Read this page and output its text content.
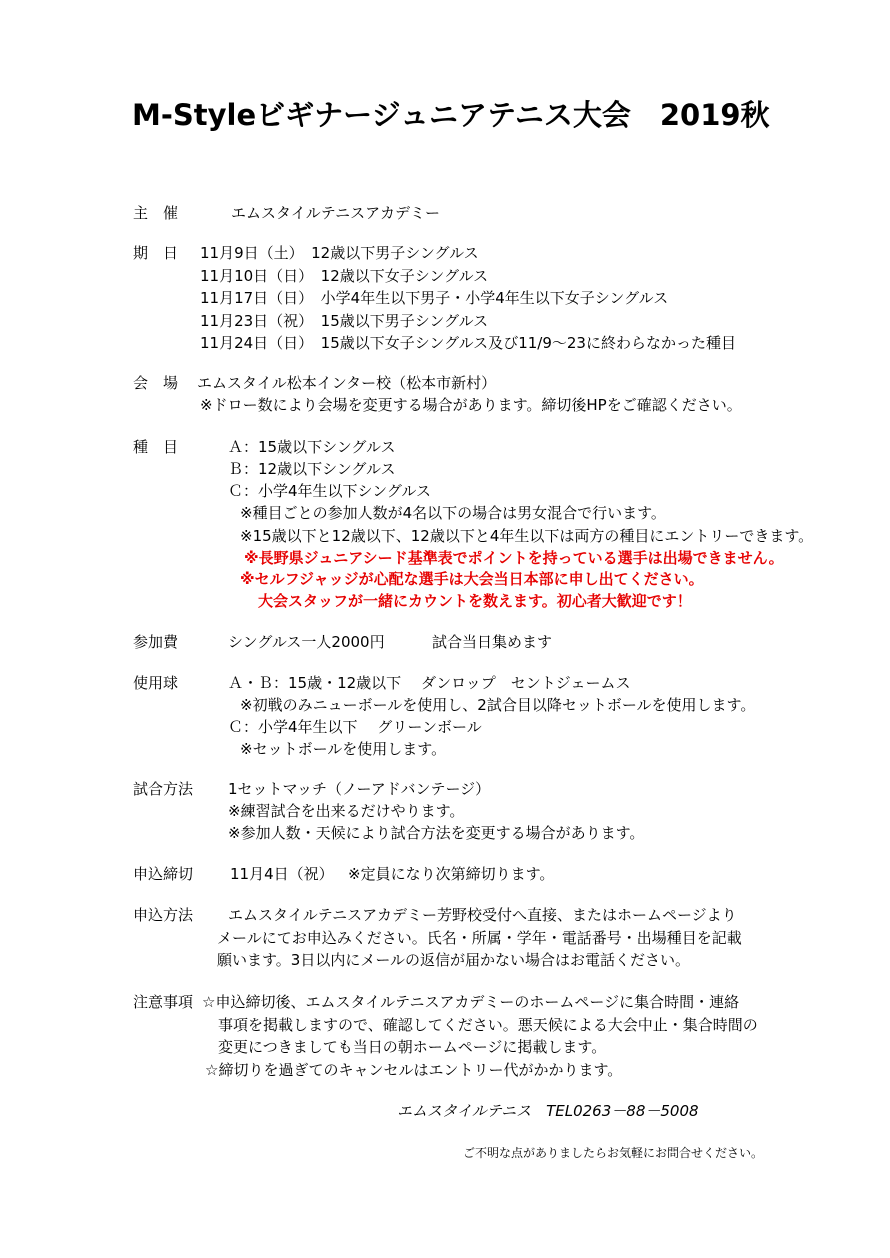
M-Styleビギナージュニアテニス大会　2019秋
主　催	エムスタイルテニスアカデミー
期　日 11月9日（土）　12歳以下男子シングルス
11月10日（日）　12歳以下女子シングルス
11月17日（日）　小学4年生以下男子・小学4年生以下女子シングルス
11月23日（祝）　15歳以下男子シングルス
11月24日（日）　15歳以下女子シングルス及び11/9～23に終わらなかった種目
会　場 エムスタイル松本インター校（松本市新村）
※ドロー数により会場を変更する場合があります。締切後HPをご確認ください。
種　目	Ａ：15歳以下シングルス
Ｂ：12歳以下シングルス
Ｃ：小学4年生以下シングルス
※種目ごとの参加人数が4名以下の場合は男女混合で行います。
※15歳以下と12歳以下、12歳以下と4年生以下は両方の種目にエントリーできます。
※長野県ジュニアシード基準表でポイントを持っている選手は出場できません。
※セルフジャッジが心配な選手は大会当日本部に申し出てください。
大会スタッフが一緒にカウントを数えます。初心者大歓迎です！
参加費	シングルス一人2000円	試合当日集めます
使用球	Ａ・Ｂ：15歳・12歳以下　 ダンロップ　セントジェームス
※初戦のみニューボールを使用し、2試合目以降セットボールを使用します。
Ｃ：小学4年生以下　 グリーンボール
※セットボールを使用します。
試合方法 1セットマッチ（ノーアドバンテージ）
※練習試合を出来るだけやります。
※参加人数・天候により試合方法を変更する場合があります。
申込締切 11月4日（祝） ※定員になり次第締切ります。
申込方法 エムスタイルテニスアカデミー芳野校受付へ直接、またはホームページより
メールにてお申込みください。氏名・所属・学年・電話番号・出場種目を記載
願います。3日以内にメールの返信が届かない場合はお電話ください。
注意事項 ☆申込締切後、エムスタイルテニスアカデミーのホームページに集合時間・連絡
事項を掲載しますので、確認してください。悪天候による大会中止・集合時間の
変更につきましても当日の朝ホームページに掲載します。
☆締切りを過ぎてのキャンセルはエントリー代がかかります。
エムスタイルテニス　TEL0263－88－5008
ご不明な点がありましたらお気軽にお問合せください。
